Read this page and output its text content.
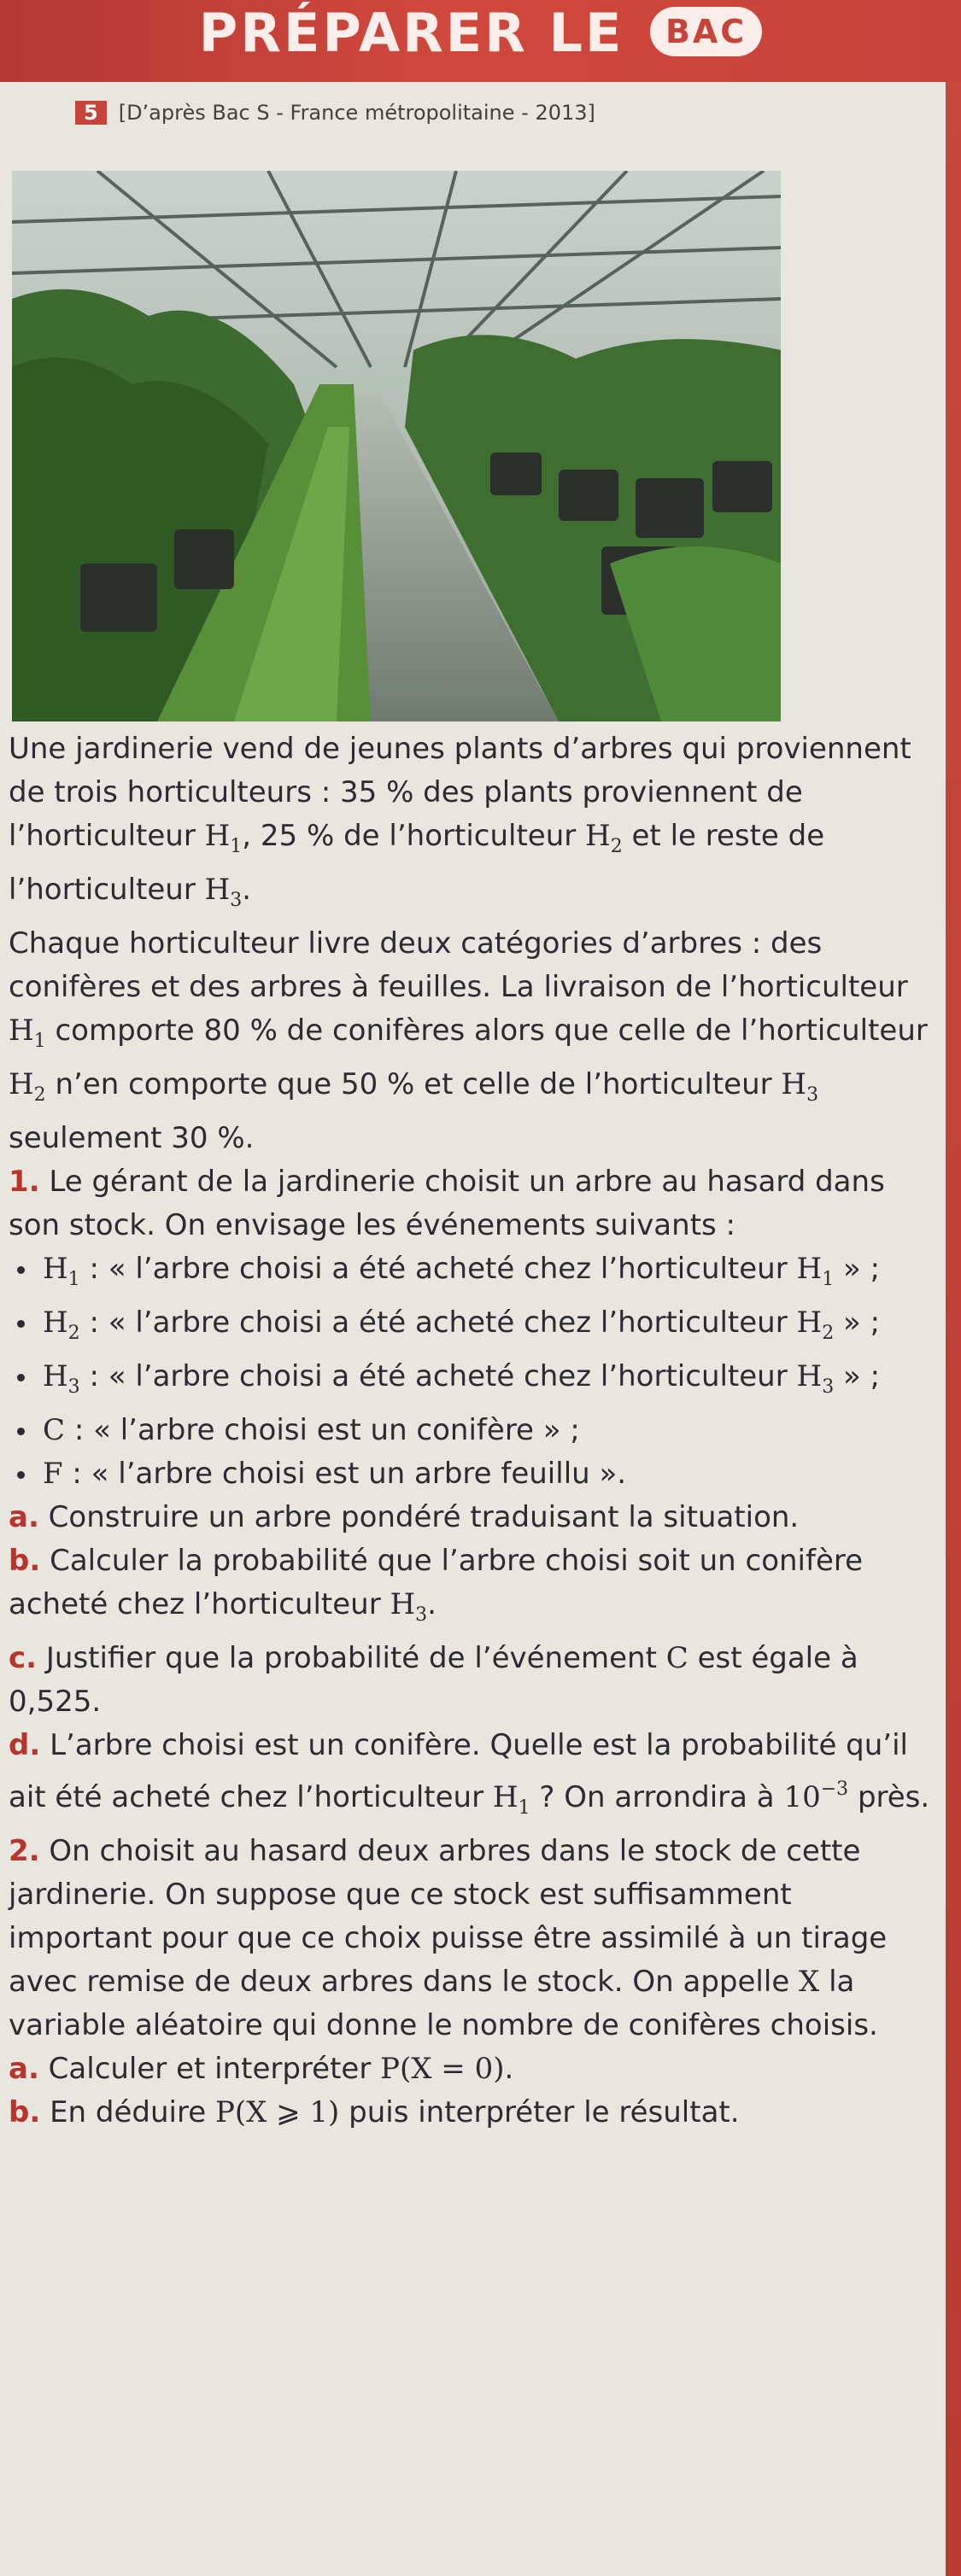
PRÉPARER LE BAC
5 [D’après Bac S - France métropolitaine - 2013]

Une jardinerie vend de jeunes plants d’arbres qui proviennent de trois horticulteurs : 35 % des plants proviennent de l’horticulteur $H_1$, 25 % de l’horticulteur $H_2$ et le reste de l’horticulteur $H_3$.

Chaque horticulteur livre deux catégories d’arbres : des conifères et des arbres à feuilles. La livraison de l’horticulteur $H_1$ comporte 80 % de conifères alors que celle de l’horticulteur $H_2$ n’en comporte que 50 % et celle de l’horticulteur $H_3$ seulement 30 %.

1. Le gérant de la jardinerie choisit un arbre au hasard dans son stock. On envisage les événements suivants :

$H_1$ : « l’arbre choisi a été acheté chez l’horticulteur $H_1$ » ;
$H_2$ : « l’arbre choisi a été acheté chez l’horticulteur $H_2$ » ;
$H_3$ : « l’arbre choisi a été acheté chez l’horticulteur $H_3$ » ;
C : « l’arbre choisi est un conifère » ;
F : « l’arbre choisi est un arbre feuillu ».

a. Construire un arbre pondéré traduisant la situation.

b. Calculer la probabilité que l’arbre choisi soit un conifère acheté chez l’horticulteur $H_3$.

c. Justifier que la probabilité de l’événement C est égale à 0,525.

d. L’arbre choisi est un conifère. Quelle est la probabilité qu’il ait été acheté chez l’horticulteur $H_1$ ? On arrondira à $10^{-3}$ près.

2. On choisit au hasard deux arbres dans le stock de cette jardinerie. On suppose que ce stock est suffisamment important pour que ce choix puisse être assimilé à un tirage avec remise de deux arbres dans le stock. On appelle X la variable aléatoire qui donne le nombre de conifères choisis.

a. Calculer et interpréter P(X = 0).

b. En déduire P(X ⩾ 1) puis interpréter le résultat.
